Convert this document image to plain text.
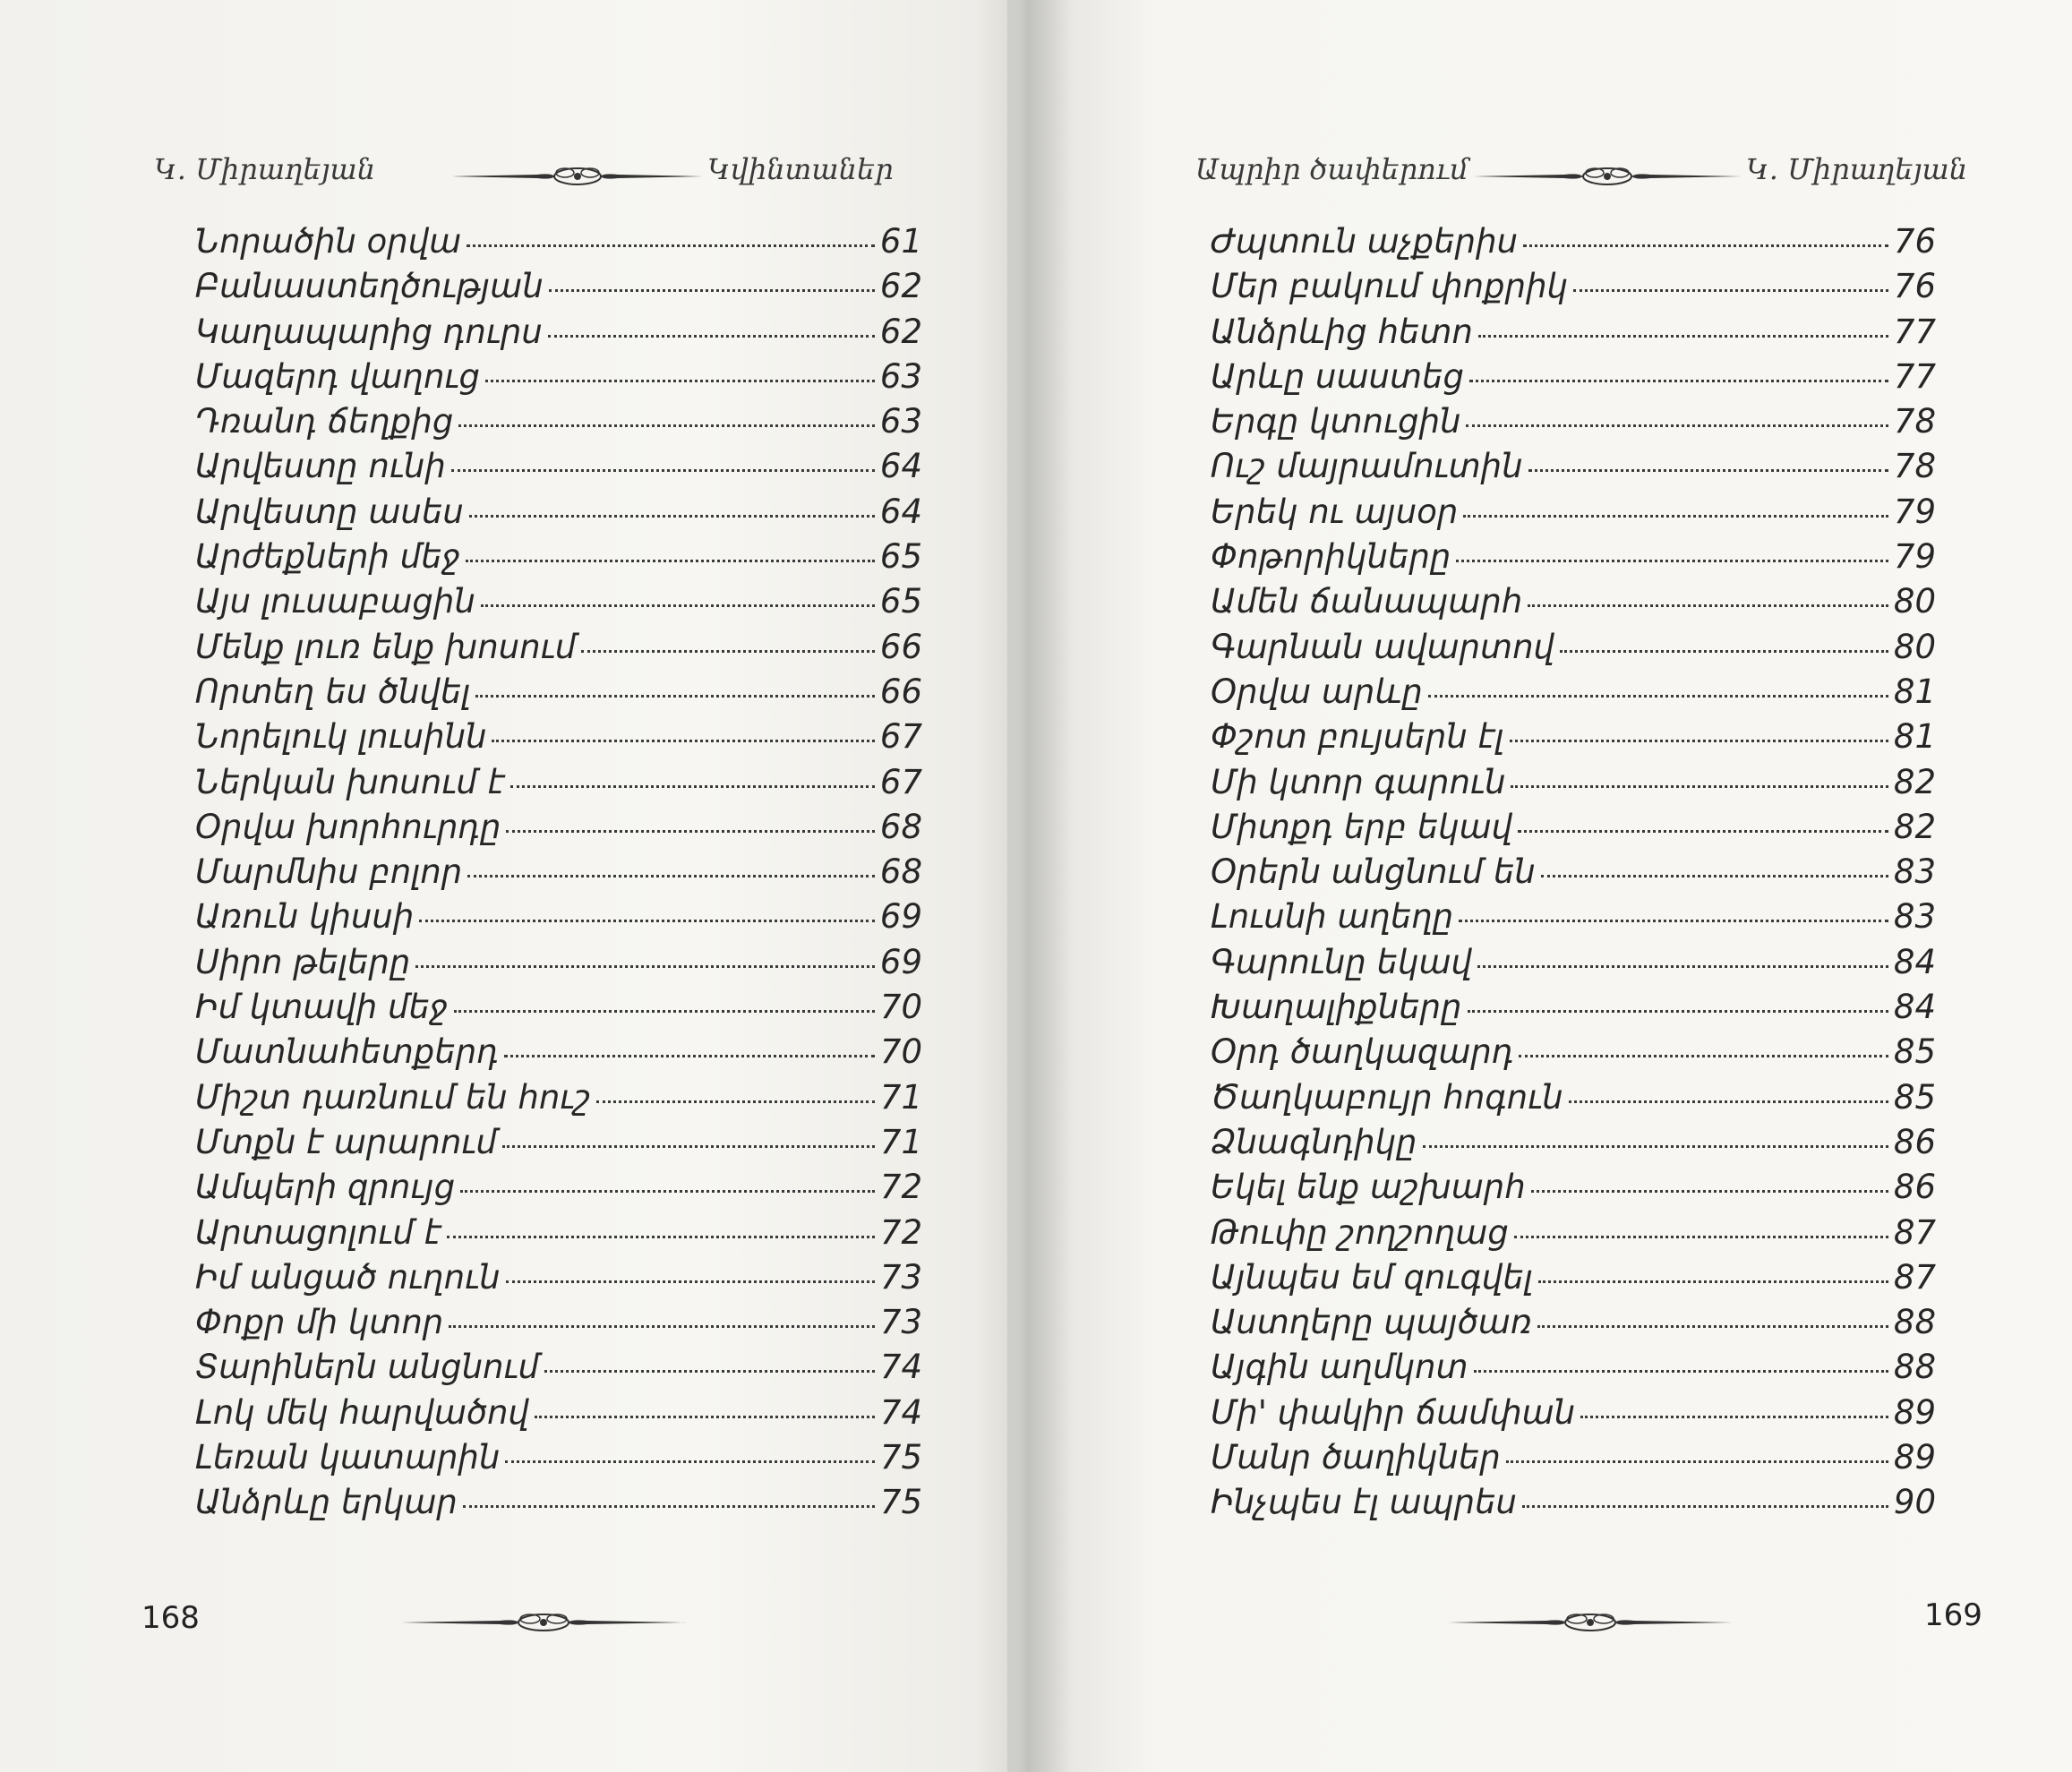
Կ. Միրաղեյան	Կվինտաներ
Նորածին օրվա	61
Բանաստեղծության	62
Կաղապարից դուրս	62
Մազերդ վաղուց	63
Դռանդ ճեղքից	63
Արվեստը ունի	64
Արվեստը ասես	64
Արժեքների մեջ	65
Այս լուսաբացին	65
Մենք լուռ ենք խոսում	66
Որտեղ ես ծնվել	66
Նորելուկ լուսինն	67
Ներկան խոսում է	67
Օրվա խորհուրդը	68
Մարմնիս բոլոր	68
Առուն կիսսի	69
Սիրո թելերը	69
Իմ կտավի մեջ	70
Մատնահետքերդ	70
Միշտ դառնում են հուշ	71
Մտքն է արարում	71
Ամպերի զրույց	72
Արտացոլում է	72
Իմ անցած ուղուն	73
Փոքր մի կտոր	73
Տարիներն անցնում	74
Լոկ մեկ հարվածով	74
Լեռան կատարին	75
Անձրևը երկար	75
168
Ապրիր ծափերում	Կ. Միրաղեյան
Ժպտուն աչքերիս	76
Մեր բակում փոքրիկ	76
Անձրևից հետո	77
Արևը սաստեց	77
Երգը կտուցին	78
Ուշ մայրամուտին	78
Երեկ ու այսօր	79
Փոթորիկները	79
Ամեն ճանապարհ	80
Գարնան ավարտով	80
Օրվա արևը	81
Փշոտ բույսերն էլ	81
Մի կտոր գարուն	82
Միտքդ երբ եկավ	82
Օրերն անցնում են	83
Լուսնի աղեղը	83
Գարունը եկավ	84
Խաղալիքները	84
Օրդ ծաղկազարդ	85
Ծաղկաբույր հոգուն	85
Ձնագնդիկը	86
Եկել ենք աշխարհ	86
Թուփը շողշողաց	87
Այնպես եմ զուգվել	87
Աստղերը պայծառ	88
Այգին աղմկոտ	88
Մի' փակիր ճամփան	89
Մանր ծաղիկներ	89
Ինչպես էլ ապրես	90
169
